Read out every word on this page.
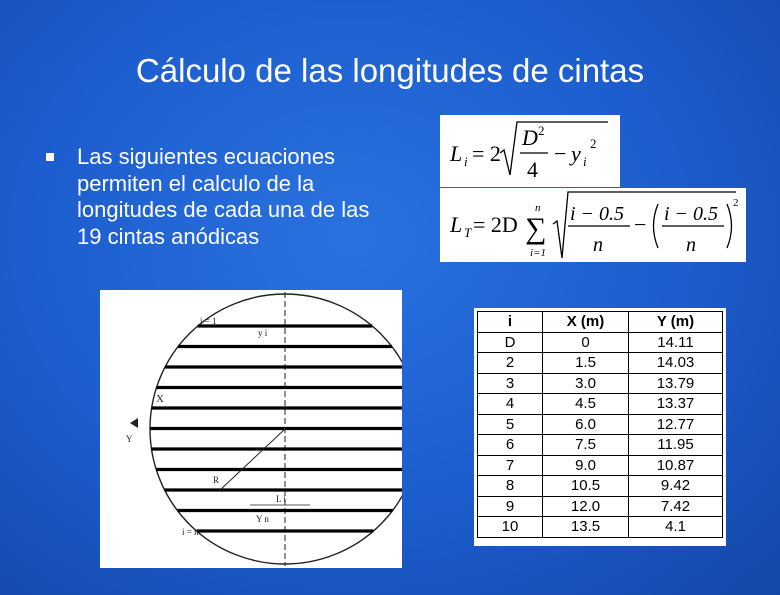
Cálculo de las longitudes de cintas
Las siguientes ecuaciones
permiten el calculo de la
longitudes de cada una de las
19 cintas anódicas
L i = 2
D 2
4
− y i
2
L T = 2D
n
∑
i=1
i − 0.5
n
− i − 0.5
n
2
i = 1
y i
X
Y
R
L i
Y n
i = n
i	X (m)	Y (m)
D	0	14.11
2	1.5	14.03
3	3.0	13.79
4	4.5	13.37
5	6.0	12.77
6	7.5	11.95
7	9.0	10.87
8	10.5	9.42
9	12.0	7.42
10	13.5	4.1
